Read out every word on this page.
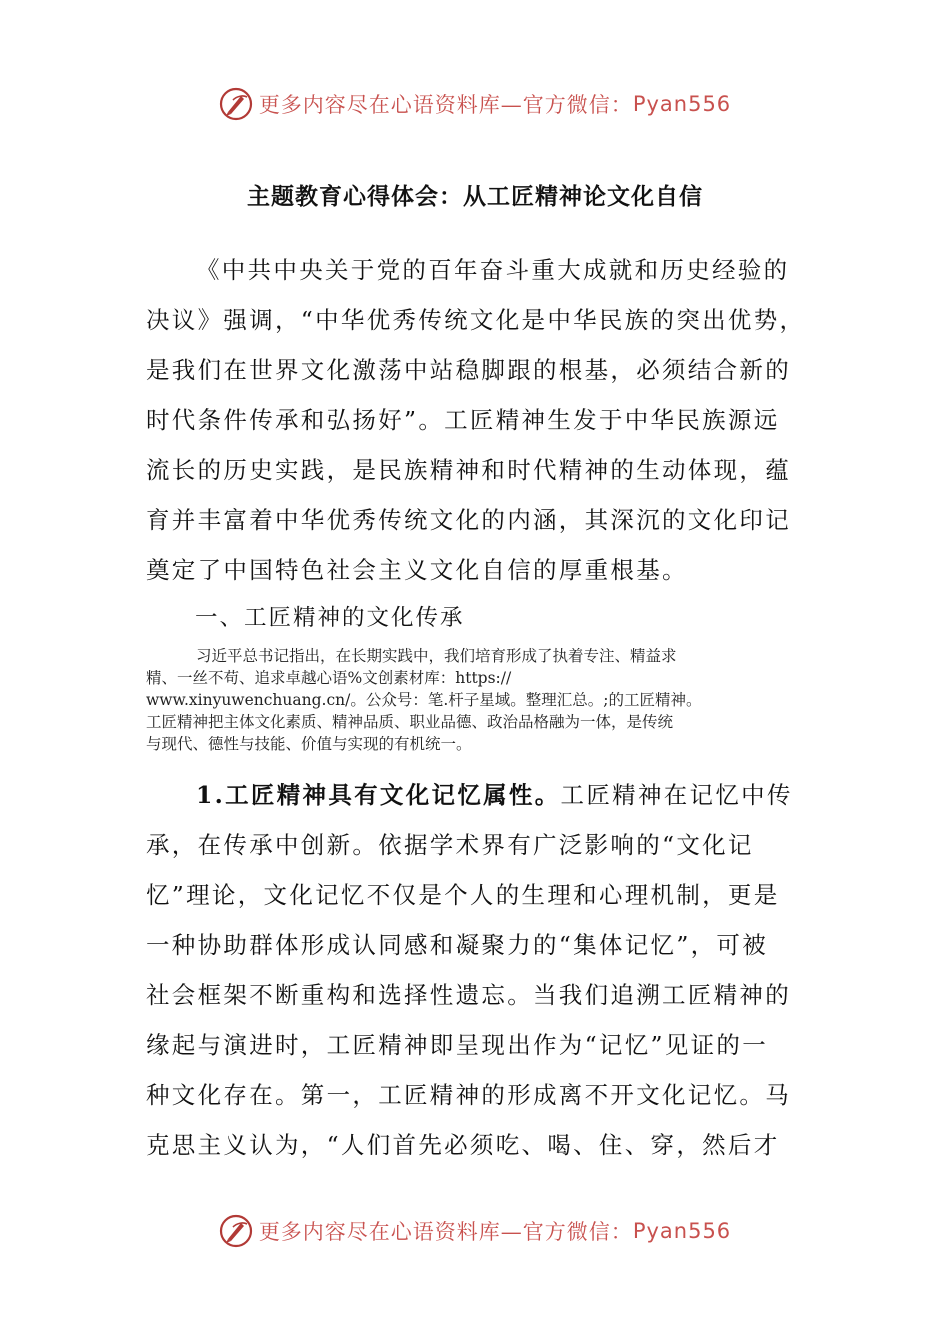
更多内容尽在心语资料库—官方微信： Pyan556
主题教育心得体会：从工匠精神论文化自信
《中共中央关于党的百年奋斗重大成就和历史经验的
决议》强调，“中华优秀传统文化是中华民族的突出优势，
是我们在世界文化激荡中站稳脚跟的根基，必须结合新的
时代条件传承和弘扬好”。工匠精神生发于中华民族源远
流长的历史实践，是民族精神和时代精神的生动体现，蕴
育并丰富着中华优秀传统文化的内涵，其深沉的文化印记
奠定了中国特色社会主义文化自信的厚重根基。
一、工匠精神的文化传承
习近平总书记指出，在长期实践中，我们培育形成了执着专注、精益求
精、一丝不苟、追求卓越心语%文创素材库：https://
www.xinyuwenchuang.cn/。公众号：笔.杆子星域。整理汇总。;的工匠精神。
工匠精神把主体文化素质、精神品质、职业品德、政治品格融为一体，是传统
与现代、德性与技能、价值与实现的有机统一。
1.工匠精神具有文化记忆属性。工匠精神在记忆中传
承，在传承中创新。依据学术界有广泛影响的“文化记
忆”理论，文化记忆不仅是个人的生理和心理机制，更是
一种协助群体形成认同感和凝聚力的“集体记忆”，可被
社会框架不断重构和选择性遗忘。当我们追溯工匠精神的
缘起与演进时，工匠精神即呈现出作为“记忆”见证的一
种文化存在。第一，工匠精神的形成离不开文化记忆。马
克思主义认为，“人们首先必须吃、喝、住、穿，然后才
更多内容尽在心语资料库—官方微信： Pyan556
